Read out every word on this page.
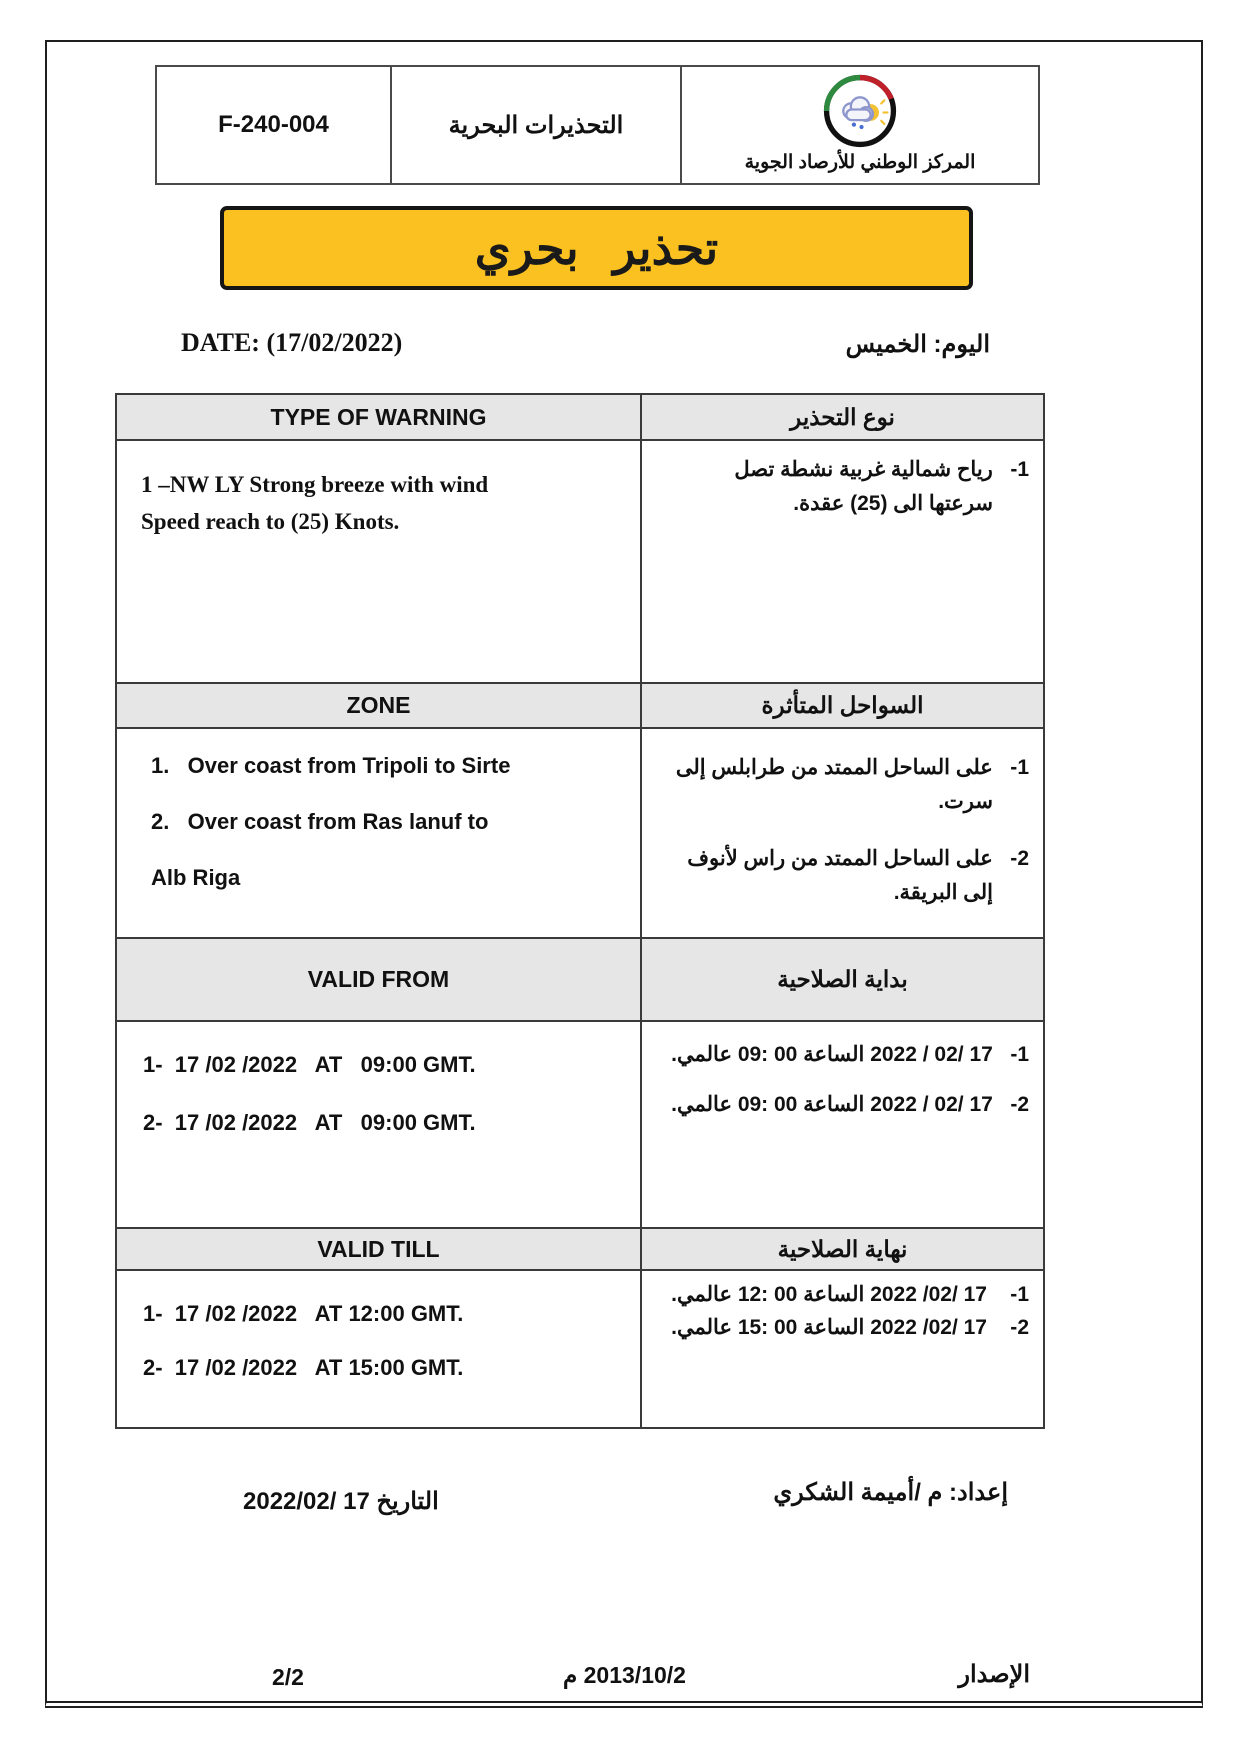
F-240-004	التحذيرات البحرية
المركز الوطني للأرصاد الجوية
تحذير بحري
DATE: (17/02/2022)	اليوم: الخميس
TYPE OF WARNING	نوع التحذير
1 –NW LY Strong breeze with wind
Speed reach to (25) Knots.
1-   رياح شمالية غربية نشطة تصل سرعتها الى (25) عقدة.
ZONE	السواحل المتأثرة
1.   Over coast from Tripoli to Sirte
2.   Over coast from Ras lanuf to
Alb Riga
1-   على الساحل الممتد من طرابلس إلى سرت.
2-   على الساحل الممتد من راس لأنوف إلى البريقة.
VALID FROM	بداية الصلاحية
1-  17 /02 /2022   AT   09:00 GMT.
2-  17 /02 /2022   AT   09:00 GMT.
1-   17 /02 / 2022 الساعة 00 :09 عالمي.
2-   17 /02 / 2022 الساعة 00 :09 عالمي.
VALID TILL	نهاية الصلاحية
1-  17 /02 /2022   AT 12:00 GMT.
2-  17 /02 /2022   AT 15:00 GMT.
1-    17 /02/ 2022 الساعة 00 :12 عالمي.
2-    17 /02/ 2022 الساعة 00 :15 عالمي.
إعداد: م /أميمة الشكري
التاريخ 17 /2022/02
الإصدار
2013/10/2 م
2/2
